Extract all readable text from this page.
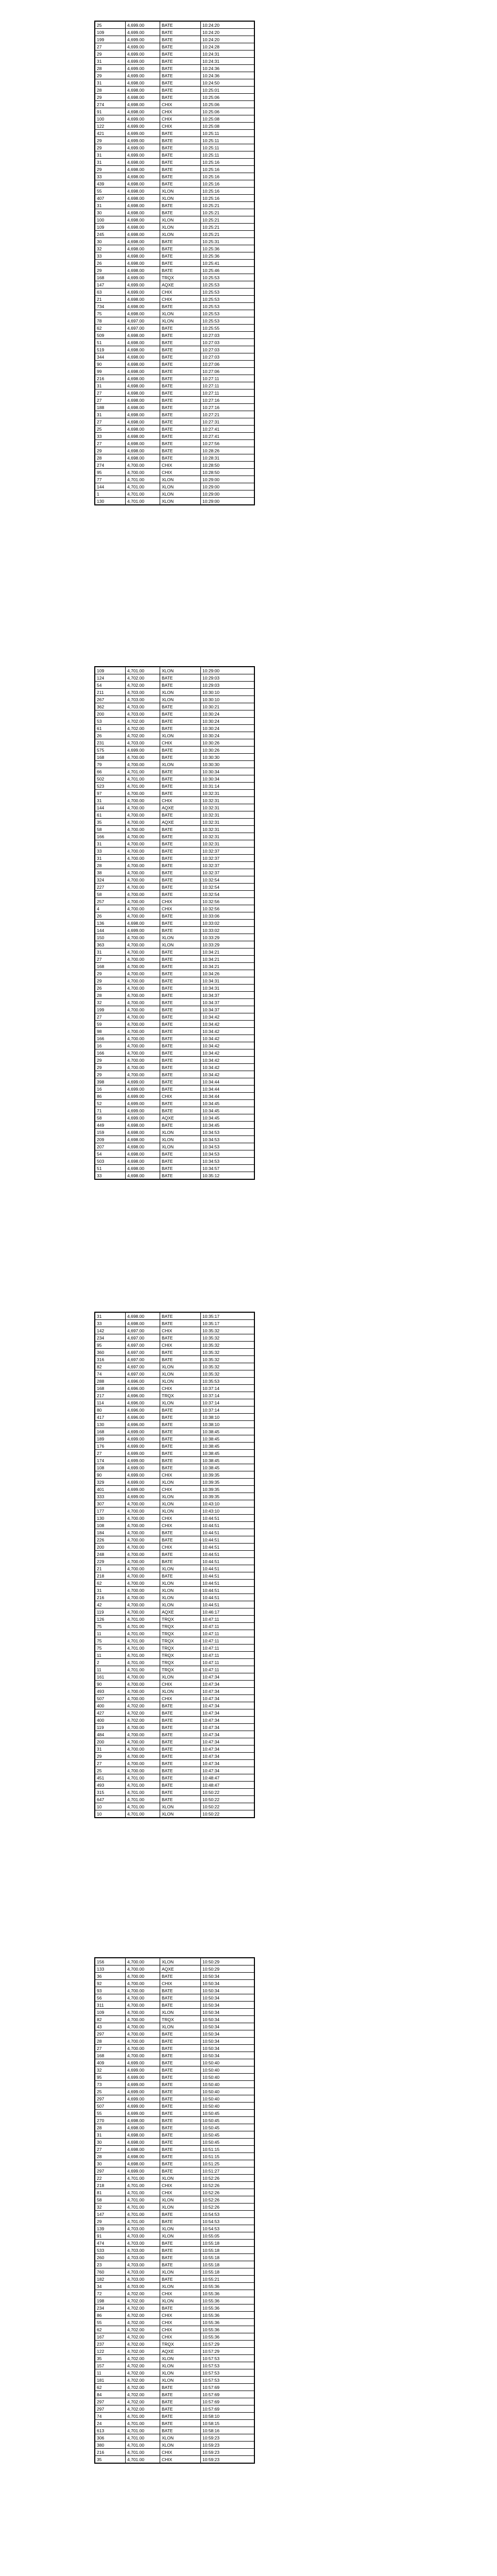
25	4,699.00	BATE	10:24:20
109	4,699.00	BATE	10:24:20
199	4,699.00	BATE	10:24:20
27	4,699.00	BATE	10:24:28
29	4,699.00	BATE	10:24:31
31	4,699.00	BATE	10:24:31
28	4,699.00	BATE	10:24:36
29	4,699.00	BATE	10:24:36
31	4,698.00	BATE	10:24:50
28	4,698.00	BATE	10:25:01
29	4,698.00	BATE	10:25:06
274	4,698.00	CHIX	10:25:06
91	4,698.00	CHIX	10:25:06
100	4,699.00	CHIX	10:25:08
122	4,699.00	CHIX	10:25:08
421	4,699.00	BATE	10:25:11
29	4,699.00	BATE	10:25:11
29	4,699.00	BATE	10:25:11
31	4,699.00	BATE	10:25:11
31	4,698.00	BATE	10:25:16
29	4,698.00	BATE	10:25:16
33	4,698.00	BATE	10:25:16
439	4,698.00	BATE	10:25:16
55	4,698.00	XLON	10:25:16
407	4,698.00	XLON	10:25:16
31	4,698.00	BATE	10:25:21
30	4,698.00	BATE	10:25:21
100	4,698.00	XLON	10:25:21
109	4,698.00	XLON	10:25:21
245	4,698.00	XLON	10:25:21
30	4,698.00	BATE	10:25:31
32	4,698.00	BATE	10:25:36
33	4,698.00	BATE	10:25:36
26	4,698.00	BATE	10:25:41
29	4,698.00	BATE	10:25:46
168	4,699.00	TRQX	10:25:53
147	4,699.00	AQXE	10:25:53
63	4,699.00	CHIX	10:25:53
21	4,698.00	CHIX	10:25:53
734	4,698.00	BATE	10:25:53
75	4,698.00	XLON	10:25:53
78	4,697.00	XLON	10:25:53
62	4,697.00	BATE	10:25:55
509	4,698.00	BATE	10:27:03
51	4,698.00	BATE	10:27:03
519	4,698.00	BATE	10:27:03
344	4,698.00	BATE	10:27:03
90	4,698.00	BATE	10:27:06
99	4,698.00	BATE	10:27:06
216	4,698.00	BATE	10:27:11
31	4,698.00	BATE	10:27:11
27	4,698.00	BATE	10:27:11
27	4,698.00	BATE	10:27:16
188	4,698.00	BATE	10:27:16
31	4,698.00	BATE	10:27:21
27	4,698.00	BATE	10:27:31
25	4,698.00	BATE	10:27:41
33	4,698.00	BATE	10:27:41
27	4,698.00	BATE	10:27:56
29	4,698.00	BATE	10:28:26
28	4,698.00	BATE	10:28:31
274	4,700.00	CHIX	10:28:50
95	4,700.00	CHIX	10:28:50
77	4,701.00	XLON	10:29:00
144	4,701.00	XLON	10:29:00
1	4,701.00	XLON	10:29:00
130	4,701.00	XLON	10:29:00
109	4,701.00	XLON	10:29:00
124	4,702.00	BATE	10:29:03
54	4,702.00	BATE	10:29:03
211	4,703.00	XLON	10:30:10
267	4,703.00	XLON	10:30:10
362	4,703.00	BATE	10:30:21
200	4,703.00	BATE	10:30:24
53	4,702.00	BATE	10:30:24
61	4,702.00	BATE	10:30:24
26	4,702.00	XLON	10:30:24
231	4,703.00	CHIX	10:30:26
575	4,699.00	BATE	10:30:26
168	4,700.00	BATE	10:30:30
79	4,700.00	XLON	10:30:30
66	4,701.00	BATE	10:30:34
502	4,701.00	BATE	10:30:34
523	4,701.00	BATE	10:31:14
97	4,700.00	BATE	10:32:31
31	4,700.00	CHIX	10:32:31
144	4,700.00	AQXE	10:32:31
61	4,700.00	BATE	10:32:31
35	4,700.00	AQXE	10:32:31
58	4,700.00	BATE	10:32:31
166	4,700.00	BATE	10:32:31
31	4,700.00	BATE	10:32:31
33	4,700.00	BATE	10:32:37
31	4,700.00	BATE	10:32:37
28	4,700.00	BATE	10:32:37
38	4,700.00	BATE	10:32:37
324	4,700.00	BATE	10:32:54
227	4,700.00	BATE	10:32:54
58	4,700.00	BATE	10:32:54
257	4,700.00	CHIX	10:32:56
4	4,700.00	CHIX	10:32:56
26	4,700.00	BATE	10:33:06
136	4,698.00	BATE	10:33:02
144	4,699.00	BATE	10:33:02
150	4,700.00	XLON	10:33:29
363	4,700.00	XLON	10:33:29
31	4,700.00	BATE	10:34:21
27	4,700.00	BATE	10:34:21
168	4,700.00	BATE	10:34:21
29	4,700.00	BATE	10:34:26
29	4,700.00	BATE	10:34:31
26	4,700.00	BATE	10:34:31
28	4,700.00	BATE	10:34:37
32	4,700.00	BATE	10:34:37
199	4,700.00	BATE	10:34:37
27	4,700.00	BATE	10:34:42
59	4,700.00	BATE	10:34:42
98	4,700.00	BATE	10:34:42
166	4,700.00	BATE	10:34:42
16	4,700.00	BATE	10:34:42
166	4,700.00	BATE	10:34:42
29	4,700.00	BATE	10:34:42
29	4,700.00	BATE	10:34:42
29	4,700.00	BATE	10:34:42
398	4,699.00	BATE	10:34:44
16	4,699.00	BATE	10:34:44
86	4,699.00	CHIX	10:34:44
52	4,699.00	BATE	10:34:45
71	4,699.00	BATE	10:34:45
58	4,699.00	AQXE	10:34:45
449	4,698.00	BATE	10:34:45
159	4,698.00	XLON	10:34:53
209	4,698.00	XLON	10:34:53
207	4,698.00	XLON	10:34:53
54	4,698.00	BATE	10:34:53
503	4,698.00	BATE	10:34:53
51	4,698.00	BATE	10:34:57
33	4,698.00	BATE	10:35:12
31	4,698.00	BATE	10:35:17
33	4,698.00	BATE	10:35:17
142	4,697.00	CHIX	10:35:32
234	4,697.00	BATE	10:35:32
95	4,697.00	CHIX	10:35:32
360	4,697.00	BATE	10:35:32
316	4,697.00	BATE	10:35:32
82	4,697.00	XLON	10:35:32
74	4,697.00	XLON	10:35:32
288	4,696.00	XLON	10:35:53
168	4,696.00	CHIX	10:37:14
217	4,696.00	TRQX	10:37:14
114	4,696.00	XLON	10:37:14
80	4,696.00	BATE	10:37:14
417	4,696.00	BATE	10:38:10
130	4,696.00	BATE	10:38:10
168	4,699.00	BATE	10:38:45
189	4,699.00	BATE	10:38:45
176	4,699.00	BATE	10:38:45
27	4,699.00	BATE	10:38:45
174	4,699.00	BATE	10:38:45
108	4,699.00	BATE	10:38:45
90	4,699.00	CHIX	10:39:35
329	4,699.00	XLON	10:39:35
401	4,699.00	CHIX	10:39:35
333	4,699.00	XLON	10:39:35
307	4,700.00	XLON	10:43:10
177	4,700.00	XLON	10:43:10
130	4,700.00	CHIX	10:44:51
108	4,700.00	CHIX	10:44:51
184	4,700.00	BATE	10:44:51
226	4,700.00	BATE	10:44:51
200	4,700.00	CHIX	10:44:51
248	4,700.00	BATE	10:44:51
229	4,700.00	BATE	10:44:51
21	4,700.00	XLON	10:44:51
218	4,700.00	BATE	10:44:51
62	4,700.00	XLON	10:44:51
31	4,700.00	XLON	10:44:51
216	4,700.00	XLON	10:44:51
42	4,700.00	XLON	10:44:51
119	4,700.00	AQXE	10:46:17
126	4,701.00	TRQX	10:47:11
75	4,701.00	TRQX	10:47:11
11	4,701.00	TRQX	10:47:11
75	4,701.00	TRQX	10:47:11
75	4,701.00	TRQX	10:47:11
11	4,701.00	TRQX	10:47:11
2	4,701.00	TRQX	10:47:11
11	4,701.00	TRQX	10:47:11
161	4,700.00	XLON	10:47:34
90	4,700.00	CHIX	10:47:34
493	4,700.00	XLON	10:47:34
507	4,700.00	CHIX	10:47:34
400	4,702.00	BATE	10:47:34
427	4,702.00	BATE	10:47:34
400	4,702.00	BATE	10:47:34
119	4,700.00	BATE	10:47:34
484	4,700.00	BATE	10:47:34
200	4,700.00	BATE	10:47:34
31	4,700.00	BATE	10:47:34
29	4,700.00	BATE	10:47:34
27	4,700.00	BATE	10:47:34
25	4,700.00	BATE	10:47:34
451	4,701.00	BATE	10:48:47
493	4,701.00	BATE	10:48:47
315	4,701.00	BATE	10:50:22
647	4,701.00	BATE	10:50:22
10	4,701.00	XLON	10:50:22
10	4,701.00	XLON	10:50:22
156	4,700.00	XLON	10:50:29
133	4,700.00	AQXE	10:50:29
36	4,700.00	BATE	10:50:34
92	4,700.00	CHIX	10:50:34
93	4,700.00	BATE	10:50:34
56	4,700.00	BATE	10:50:34
311	4,700.00	BATE	10:50:34
109	4,700.00	XLON	10:50:34
82	4,700.00	TRQX	10:50:34
43	4,700.00	XLON	10:50:34
297	4,700.00	BATE	10:50:34
28	4,700.00	BATE	10:50:34
27	4,700.00	BATE	10:50:34
168	4,700.00	BATE	10:50:34
409	4,699.00	BATE	10:50:40
32	4,699.00	BATE	10:50:40
95	4,699.00	BATE	10:50:40
73	4,699.00	BATE	10:50:40
25	4,699.00	BATE	10:50:40
297	4,699.00	BATE	10:50:40
507	4,699.00	BATE	10:50:40
55	4,699.00	BATE	10:50:45
270	4,698.00	BATE	10:50:45
28	4,698.00	BATE	10:50:45
31	4,698.00	BATE	10:50:45
30	4,698.00	BATE	10:50:45
27	4,698.00	BATE	10:51:15
28	4,698.00	BATE	10:51:15
30	4,698.00	BATE	10:51:25
297	4,699.00	BATE	10:51:27
22	4,701.00	XLON	10:52:26
218	4,701.00	CHIX	10:52:26
81	4,701.00	CHIX	10:52:26
58	4,701.00	XLON	10:52:26
32	4,701.00	XLON	10:52:26
147	4,701.00	BATE	10:54:53
29	4,701.00	BATE	10:54:53
139	4,703.00	XLON	10:54:53
91	4,703.00	XLON	10:55:05
474	4,703.00	BATE	10:55:18
533	4,703.00	BATE	10:55:18
260	4,703.00	BATE	10:55:18
23	4,703.00	BATE	10:55:18
760	4,703.00	XLON	10:55:18
182	4,703.00	BATE	10:55:21
34	4,703.00	XLON	10:55:36
72	4,702.00	CHIX	10:55:36
198	4,702.00	XLON	10:55:36
234	4,702.00	BATE	10:55:36
86	4,702.00	CHIX	10:55:36
55	4,702.00	CHIX	10:55:36
62	4,702.00	CHIX	10:55:36
167	4,702.00	CHIX	10:55:36
237	4,702.00	TRQX	10:57:29
122	4,702.00	AQXE	10:57:29
35	4,702.00	XLON	10:57:53
157	4,702.00	XLON	10:57:53
11	4,702.00	XLON	10:57:53
181	4,702.00	XLON	10:57:53
62	4,702.00	BATE	10:57:69
84	4,702.00	BATE	10:57:69
297	4,702.00	BATE	10:57:69
297	4,702.00	BATE	10:57:69
74	4,701.00	BATE	10:58:10
24	4,701.00	BATE	10:58:15
613	4,701.00	BATE	10:58:16
306	4,701.00	XLON	10:59:23
380	4,701.00	XLON	10:59:23
216	4,701.00	CHIX	10:59:23
35	4,701.00	CHIX	10:59:23
